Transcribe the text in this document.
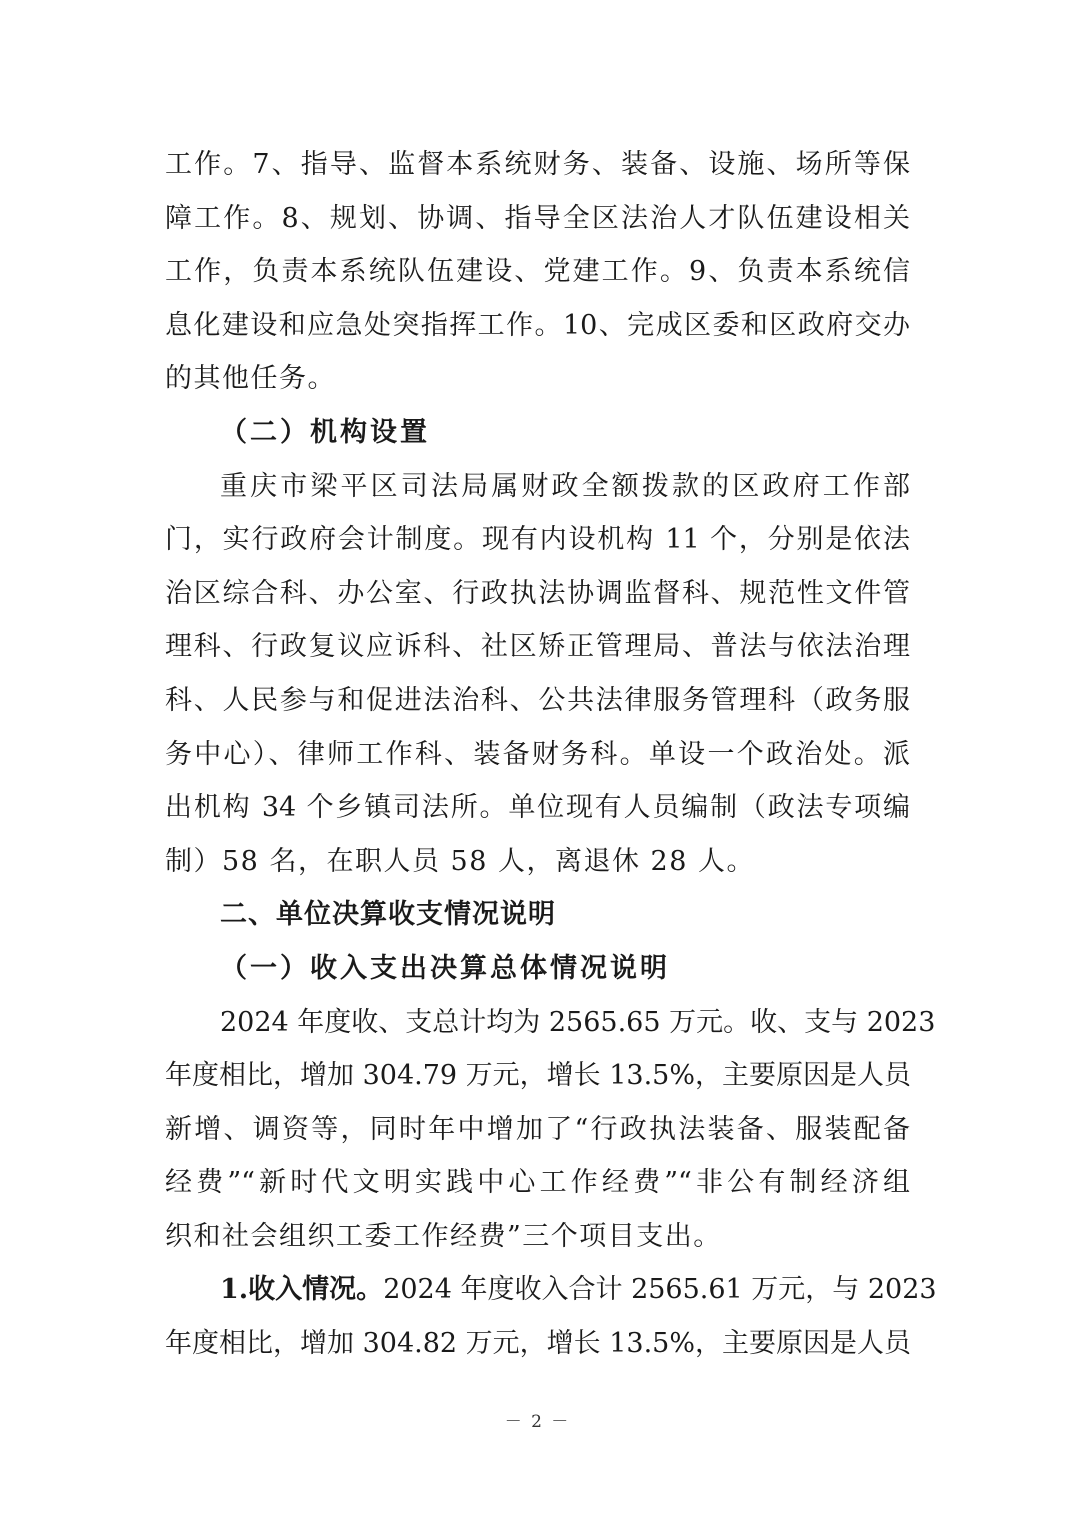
工作。7、指导、监督本系统财务、装备、设施、场所等保
障工作。8、规划、协调、指导全区法治人才队伍建设相关
工作，负责本系统队伍建设、党建工作。9、负责本系统信
息化建设和应急处突指挥工作。10、完成区委和区政府交办
的其他任务。
（二）机构设置
重庆市梁平区司法局属财政全额拨款的区政府工作部
门，实行政府会计制度。现有内设机构 11 个，分别是依法
治区综合科、办公室、行政执法协调监督科、规范性文件管
理科、行政复议应诉科、社区矫正管理局、普法与依法治理
科、人民参与和促进法治科、公共法律服务管理科（政务服
务中心）、律师工作科、装备财务科。单设一个政治处。派
出机构 34 个乡镇司法所。单位现有人员编制（政法专项编
制）58 名，在职人员 58 人，离退休 28 人。
二、单位决算收支情况说明
（一）收入支出决算总体情况说明
2024 年度收、支总计均为 2565.65 万元。收、支与 2023
年度相比，增加 304.79 万元，增长 13.5%，主要原因是人员
新增、调资等，同时年中增加了“行政执法装备、服装配备
经费”“新时代文明实践中心工作经费”“非公有制经济组
织和社会组织工委工作经费”三个项目支出。
1.收入情况。2024 年度收入合计 2565.61 万元，与 2023
年度相比，增加 304.82 万元，增长 13.5%，主要原因是人员
－ 2 －
